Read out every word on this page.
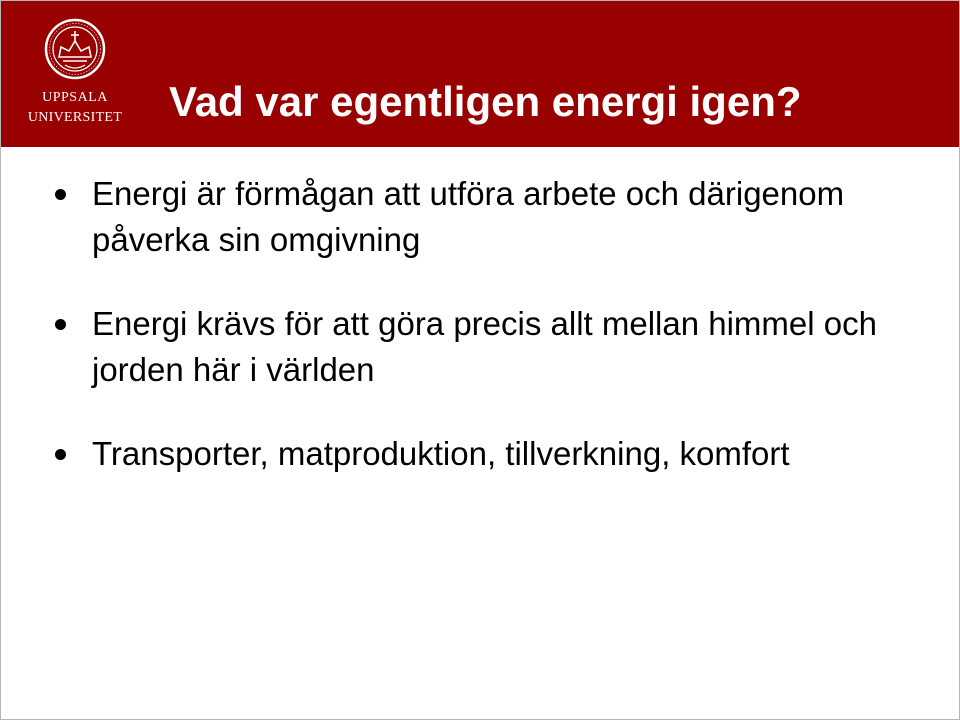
UPPSALA
UNIVERSITET Vad var egentligen energi igen?
Energi är förmågan att utföra arbete och därigenom påverka sin omgivning
Energi krävs för att göra precis allt mellan himmel och jorden här i världen
Transporter, matproduktion, tillverkning, komfort
